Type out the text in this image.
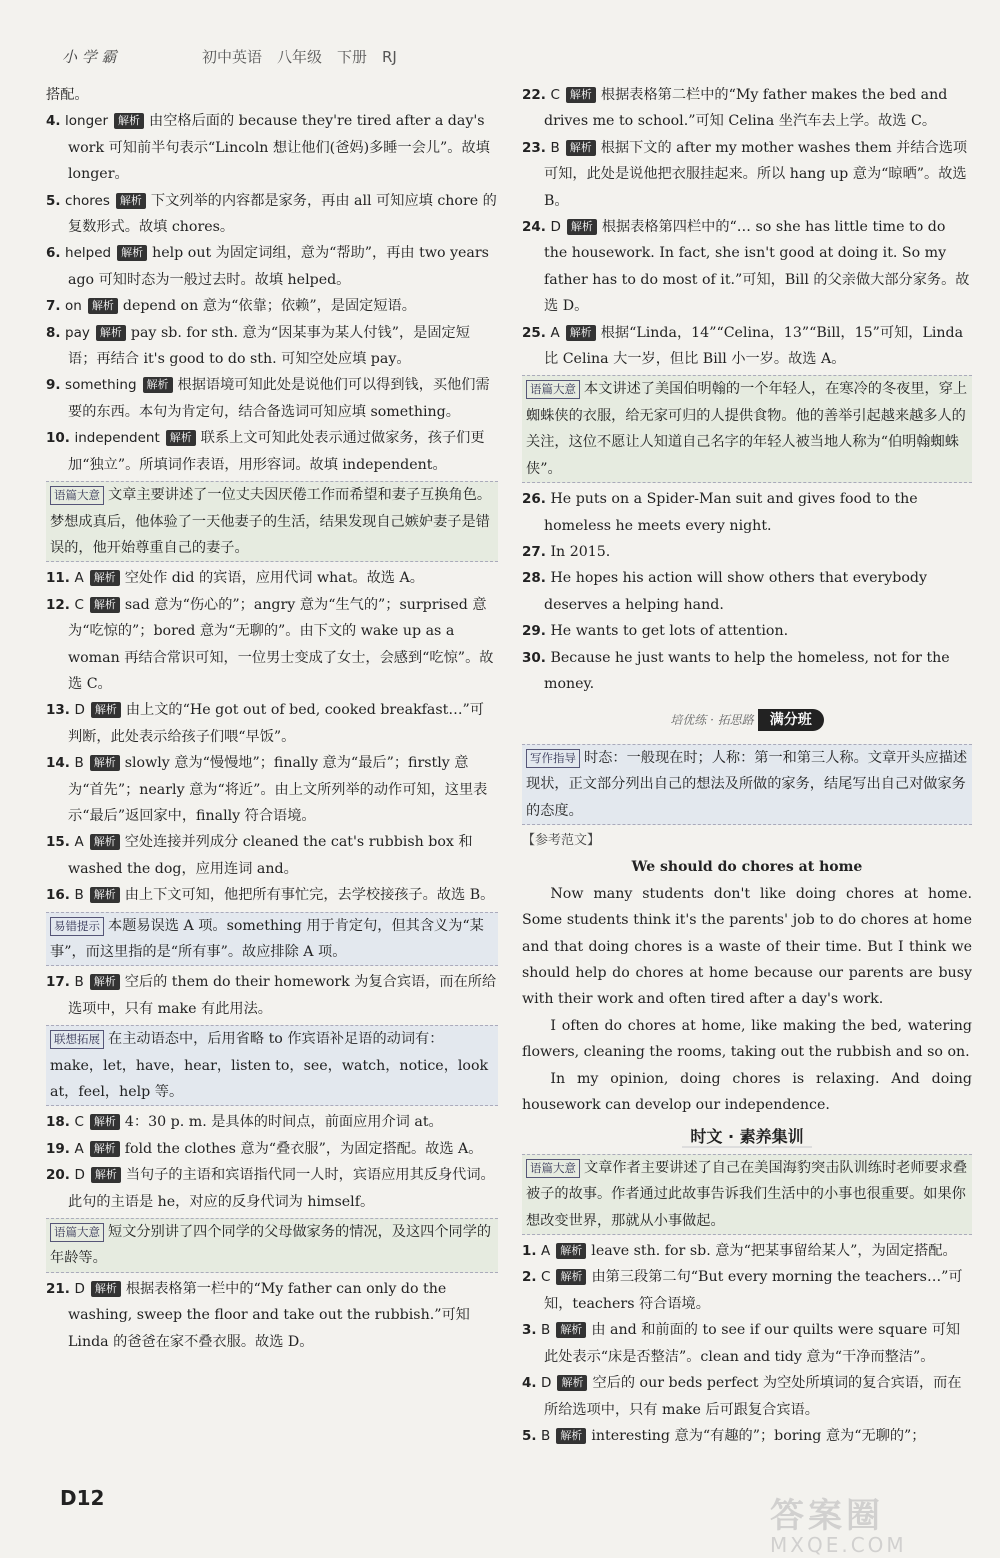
小 学 霸	初中英语　八年级　下册　RJ

搭配。

4. longer 解析 由空格后面的 because they're tired after a day's work 可知前半句表示“Lincoln 想让他们(爸妈)多睡一会儿”。故填 longer。

5. chores 解析 下文列举的内容都是家务，再由 all 可知应填 chore 的复数形式。故填 chores。

6. helped 解析 help out 为固定词组，意为“帮助”，再由 two years ago 可知时态为一般过去时。故填 helped。

7. on 解析 depend on 意为“依靠；依赖”，是固定短语。

8. pay 解析 pay sb. for sth. 意为“因某事为某人付钱”，是固定短语；再结合 it's good to do sth. 可知空处应填 pay。

9. something 解析 根据语境可知此处是说他们可以得到钱，买他们需要的东西。本句为肯定句，结合备选词可知应填 something。

10. independent 解析 联系上文可知此处表示通过做家务，孩子们更加“独立”。所填词作表语，用形容词。故填 independent。

语篇大意 文章主要讲述了一位丈夫因厌倦工作而希望和妻子互换角色。梦想成真后，他体验了一天他妻子的生活，结果发现自己嫉妒妻子是错误的，他开始尊重自己的妻子。

11. A 解析 空处作 did 的宾语，应用代词 what。故选 A。

12. C 解析 sad 意为“伤心的”；angry 意为“生气的”；surprised 意为“吃惊的”；bored 意为“无聊的”。由下文的 wake up as a woman 再结合常识可知，一位男士变成了女士，会感到“吃惊”。故选 C。

13. D 解析 由上文的“He got out of bed, cooked breakfast…”可判断，此处表示给孩子们喂“早饭”。

14. B 解析 slowly 意为“慢慢地”；finally 意为“最后”；firstly 意为“首先”；nearly 意为“将近”。由上文所列举的动作可知，这里表示“最后”返回家中，finally 符合语境。

15. A 解析 空处连接并列成分 cleaned the cat's rubbish box 和 washed the dog，应用连词 and。

16. B 解析 由上下文可知，他把所有事忙完，去学校接孩子。故选 B。

易错提示 本题易误选 A 项。something 用于肯定句，但其含义为“某事”，而这里指的是“所有事”。故应排除 A 项。

17. B 解析 空后的 them do their homework 为复合宾语，而在所给选项中，只有 make 有此用法。

联想拓展 在主动语态中，后用省略 to 作宾语补足语的动词有：make，let，have，hear，listen to，see，watch，notice，look at，feel，help 等。

18. C 解析 4：30 p. m. 是具体的时间点，前面应用介词 at。

19. A 解析 fold the clothes 意为“叠衣服”，为固定搭配。故选 A。

20. D 解析 当句子的主语和宾语指代同一人时，宾语应用其反身代词。此句的主语是 he，对应的反身代词为 himself。

语篇大意 短文分别讲了四个同学的父母做家务的情况，及这四个同学的年龄等。

21. D 解析 根据表格第一栏中的“My father can only do the washing, sweep the floor and take out the rubbish.”可知 Linda 的爸爸在家不叠衣服。故选 D。

22. C 解析 根据表格第二栏中的“My father makes the bed and drives me to school.”可知 Celina 坐汽车去上学。故选 C。

23. B 解析 根据下文的 after my mother washes them 并结合选项可知，此处是说他把衣服挂起来。所以 hang up 意为“晾晒”。故选 B。

24. D 解析 根据表格第四栏中的“… so she has little time to do the housework. In fact, she isn't good at doing it. So my father has to do most of it.”可知，Bill 的父亲做大部分家务。故选 D。

25. A 解析 根据“Linda，14”“Celina，13”“Bill，15”可知，Linda 比 Celina 大一岁，但比 Bill 小一岁。故选 A。

语篇大意 本文讲述了美国伯明翰的一个年轻人，在寒冷的冬夜里，穿上蜘蛛侠的衣服，给无家可归的人提供食物。他的善举引起越来越多人的关注，这位不愿让人知道自己名字的年轻人被当地人称为“伯明翰蜘蛛侠”。

26. He puts on a Spider-Man suit and gives food to the homeless he meets every night.

27. In 2015.

28. He hopes his action will show others that everybody deserves a helping hand.

29. He wants to get lots of attention.

30. Because he just wants to help the homeless, not for the money.

培优练 · 拓思路 满分班
写作指导 时态：一般现在时；人称：第一和第三人称。文章开头应描述现状，正文部分列出自己的想法及所做的家务，结尾写出自己对做家务的态度。

【参考范文】

We should do chores at home

Now many students don't like doing chores at home. Some students think it's the parents' job to do chores at home and that doing chores is a waste of their time. But I think we should help do chores at home because our parents are busy with their work and often tired after a day's work.

I often do chores at home, like making the bed, watering flowers, cleaning the rooms, taking out the rubbish and so on.

In my opinion, doing chores is relaxing. And doing housework can develop our independence.

时文 · 素养集训
语篇大意 文章作者主要讲述了自己在美国海豹突击队训练时老师要求叠被子的故事。作者通过此故事告诉我们生活中的小事也很重要。如果你想改变世界，那就从小事做起。

1. A 解析 leave sth. for sb. 意为“把某事留给某人”，为固定搭配。

2. C 解析 由第三段第二句“But every morning the teachers…”可知，teachers 符合语境。

3. B 解析 由 and 和前面的 to see if our quilts were square 可知此处表示“床是否整洁”。clean and tidy 意为“干净而整洁”。

4. D 解析 空后的 our beds perfect 为空处所填词的复合宾语，而在所给选项中，只有 make 后可跟复合宾语。

5. B 解析 interesting 意为“有趣的”；boring 意为“无聊的”；

D12	答案圈
MXQE.COM
